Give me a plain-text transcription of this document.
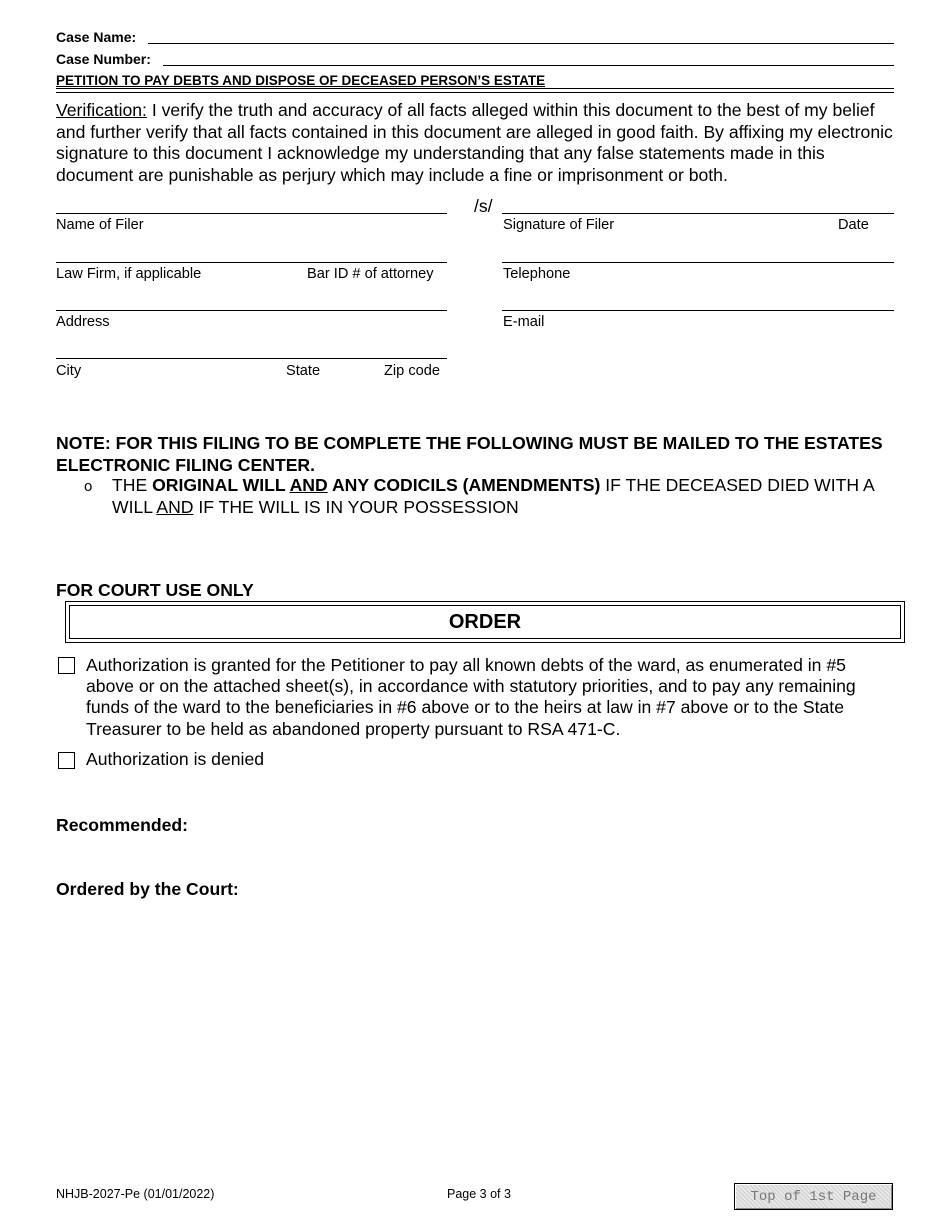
Case Name:
Case Number:
PETITION TO PAY DEBTS AND DISPOSE OF DECEASED PERSON’S ESTATE
Verification: I verify the truth and accuracy of all facts alleged within this document to the best of my belief and further verify that all facts contained in this document are alleged in good faith. By affixing my electronic signature to this document I acknowledge my understanding that any false statements made in this document are punishable as perjury which may include a fine or imprisonment or both.
/s/
Name of Filer	Signature of Filer	Date
Law Firm, if applicable	Bar ID # of attorney	Telephone
Address	E-mail
City	State	Zip code
NOTE: FOR THIS FILING TO BE COMPLETE THE FOLLOWING MUST BE MAILED TO THE ESTATES ELECTRONIC FILING CENTER.
o THE ORIGINAL WILL AND ANY CODICILS (AMENDMENTS) IF THE DECEASED DIED WITH A WILL AND IF THE WILL IS IN YOUR POSSESSION
FOR COURT USE ONLY
ORDER
Authorization is granted for the Petitioner to pay all known debts of the ward, as enumerated in #5 above or on the attached sheet(s), in accordance with statutory priorities, and to pay any remaining funds of the ward to the beneficiaries in #6 above or to the heirs at law in #7 above or to the State Treasurer to be held as abandoned property pursuant to RSA 471-C.
Authorization is denied
Recommended:
Ordered by the Court:
NHJB-2027-Pe (01/01/2022)	Page 3 of 3	Top of 1st Page
